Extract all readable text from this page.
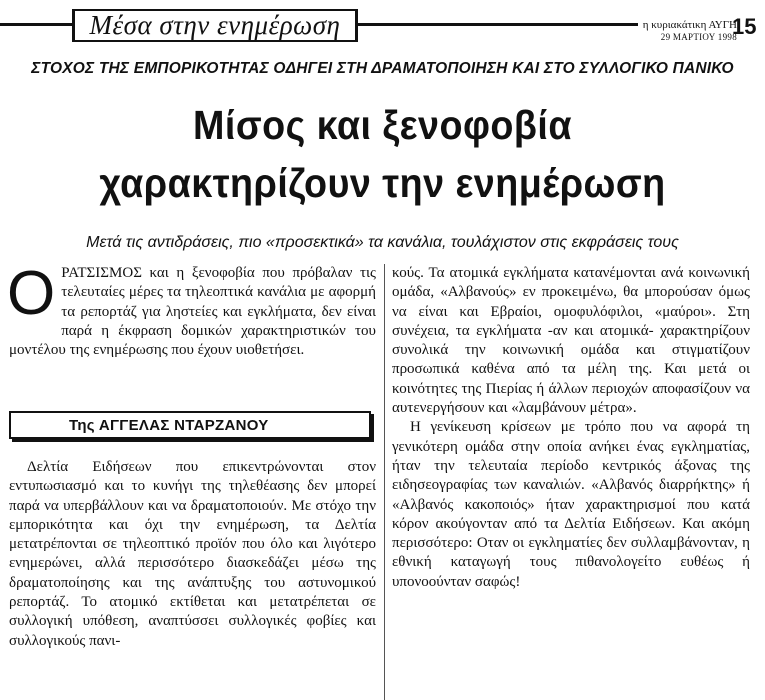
Μέσα στην ενημέρωση	η κυριακάτικη ΑΥΓΗ
29 ΜΑΡΤΙΟΥ 1998
15
ΣΤΟΧΟΣ ΤΗΣ ΕΜΠΟΡΙΚΟΤΗΤΑΣ ΟΔΗΓΕΙ ΣΤΗ ΔΡΑΜΑΤΟΠΟΙΗΣΗ ΚΑΙ ΣΤΟ ΣΥΛΛΟΓΙΚΟ ΠΑΝΙΚΟ
Μίσος και ξενοφοβία
χαρακτηρίζουν την ενημέρωση
Μετά τις αντιδράσεις, πιο «προσεκτικά» τα κανάλια, τουλάχιστον στις εκφράσεις τους
Ο ΡΑΤΣΙΣΜΟΣ και η ξενοφοβία που πρόβαλαν τις τελευταίες μέρες τα τηλεοπτικά κανάλια με αφορμή τα ρεπορτάζ για ληστείες και εγκλήματα, δεν είναι παρά η έκφραση δομικών χαρακτηριστικών του μοντέλου της ενημέρωσης που έχουν υιοθετήσει.
Της ΑΓΓΕΛΑΣ ΝΤΑΡΖΑΝΟΥ
Δελτία Ειδήσεων που επικεντρώνονται στον εντυπωσιασμό και το κυνήγι της τηλεθέασης δεν μπορεί παρά να υπερβάλλουν και να δραματοποιούν. Με στόχο την εμπορικότητα και όχι την ενημέρωση, τα Δελτία μετατρέπονται σε τηλεοπτικό προϊόν που όλο και λιγότερο ενημερώνει, αλλά περισσότερο διασκεδάζει μέσω της δραματοποίησης και της ανάπτυξης του αστυνομικού ρεπορτάζ. Το ατομικό εκτίθεται και μετατρέπεται σε συλλογική υπόθεση, αναπτύσσει συλλογικές φοβίες και συλλογικούς πανι-

κούς. Τα ατομικά εγκλήματα κατανέμονται ανά κοινωνική ομάδα, «Αλβανούς» εν προκειμένω, θα μπορούσαν όμως να είναι και Εβραίοι, ομοφυλόφιλοι, «μαύροι». Στη συνέχεια, τα εγκλήματα -αν και ατομικά- χαρακτηρίζουν συνολικά την κοινωνική ομάδα και στιγματίζουν προσωπικά καθένα από τα μέλη της. Και μετά οι κοινότητες της Πιερίας ή άλλων περιοχών αποφασίζουν να αυτενεργήσουν και «λαμβάνουν μέτρα».

Η γενίκευση κρίσεων με τρόπο που να αφορά τη γενικότερη ομάδα στην οποία ανήκει ένας εγκληματίας, ήταν την τελευταία περίοδο κεντρικός άξονας της ειδησεογραφίας των καναλιών. «Αλβανός διαρρήκτης» ή «Αλβανός κακοποιός» ήταν χαρακτηρισμοί που κατά κόρον ακούγονταν από τα Δελτία Ειδήσεων. Και ακόμη περισσότερο: Οταν οι εγκληματίες δεν συλλαμβάνονταν, η εθνική καταγωγή τους πιθανολογείτο ευθέως ή υπονοούνταν σαφώς!
